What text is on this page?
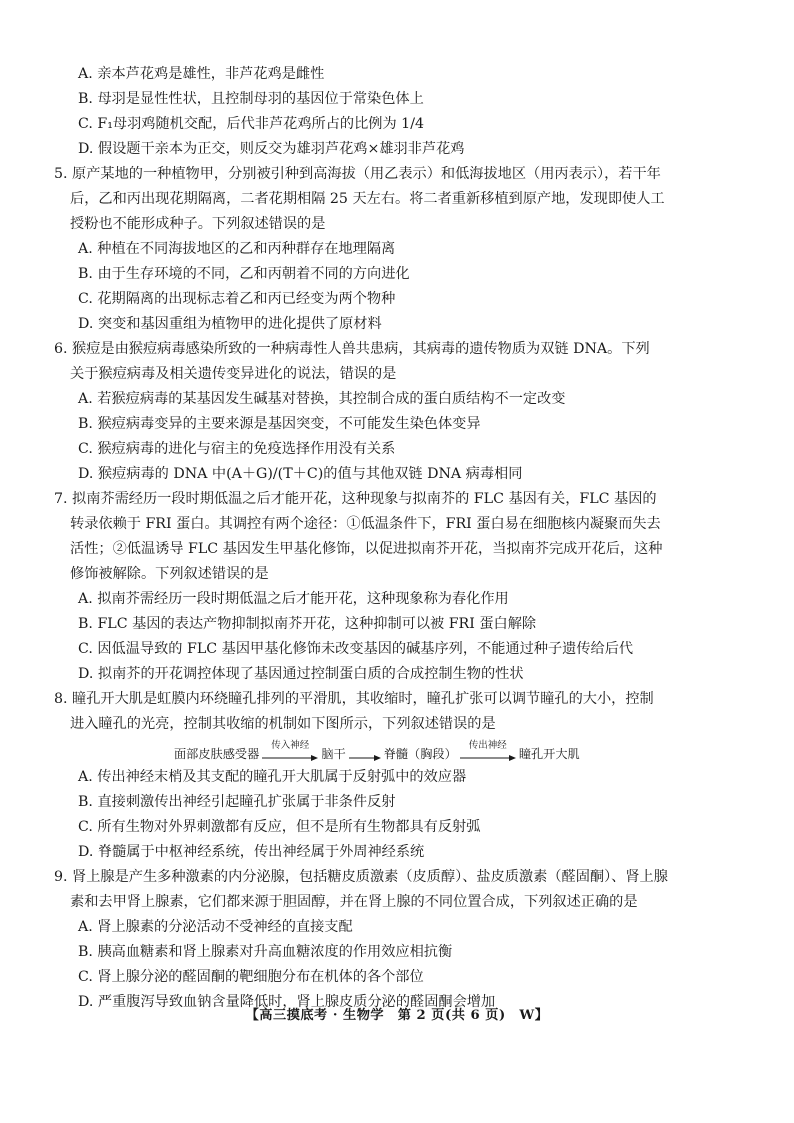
A. 亲本芦花鸡是雄性，非芦花鸡是雌性
B. 母羽是显性性状，且控制母羽的基因位于常染色体上
C. F₁母羽鸡随机交配，后代非芦花鸡所占的比例为 1/4
D. 假设题干亲本为正交，则反交为雄羽芦花鸡×雄羽非芦花鸡
5. 原产某地的一种植物甲，分别被引种到高海拔（用乙表示）和低海拔地区（用丙表示），若干年
后，乙和丙出现花期隔离，二者花期相隔 25 天左右。将二者重新移植到原产地，发现即使人工
授粉也不能形成种子。下列叙述错误的是
A. 种植在不同海拔地区的乙和丙种群存在地理隔离
B. 由于生存环境的不同，乙和丙朝着不同的方向进化
C. 花期隔离的出现标志着乙和丙已经变为两个物种
D. 突变和基因重组为植物甲的进化提供了原材料
6. 猴痘是由猴痘病毒感染所致的一种病毒性人兽共患病，其病毒的遗传物质为双链 DNA。下列
关于猴痘病毒及相关遗传变异进化的说法，错误的是
A. 若猴痘病毒的某基因发生碱基对替换，其控制合成的蛋白质结构不一定改变
B. 猴痘病毒变异的主要来源是基因突变，不可能发生染色体变异
C. 猴痘病毒的进化与宿主的免疫选择作用没有关系
D. 猴痘病毒的 DNA 中(A＋G)/(T＋C)的值与其他双链 DNA 病毒相同
7. 拟南芥需经历一段时期低温之后才能开花，这种现象与拟南芥的 FLC 基因有关，FLC 基因的
转录依赖于 FRI 蛋白。其调控有两个途径：①低温条件下，FRI 蛋白易在细胞核内凝聚而失去
活性；②低温诱导 FLC 基因发生甲基化修饰，以促进拟南芥开花，当拟南芥完成开花后，这种
修饰被解除。下列叙述错误的是
A. 拟南芥需经历一段时期低温之后才能开花，这种现象称为春化作用
B. FLC 基因的表达产物抑制拟南芥开花，这种抑制可以被 FRI 蛋白解除
C. 因低温导致的 FLC 基因甲基化修饰未改变基因的碱基序列，不能通过种子遗传给后代
D. 拟南芥的开花调控体现了基因通过控制蛋白质的合成控制生物的性状
8. 瞳孔开大肌是虹膜内环绕瞳孔排列的平滑肌，其收缩时，瞳孔扩张可以调节瞳孔的大小，控制
进入瞳孔的光亮，控制其收缩的机制如下图所示，下列叙述错误的是
面部皮肤感受器
传入神经
脑干	脊髓（胸段）
传出神经
瞳孔开大肌
A. 传出神经末梢及其支配的瞳孔开大肌属于反射弧中的效应器
B. 直接刺激传出神经引起瞳孔扩张属于非条件反射
C. 所有生物对外界刺激都有反应，但不是所有生物都具有反射弧
D. 脊髓属于中枢神经系统，传出神经属于外周神经系统
9. 肾上腺是产生多种激素的内分泌腺，包括糖皮质激素（皮质醇）、盐皮质激素（醛固酮）、肾上腺
素和去甲肾上腺素，它们都来源于胆固醇，并在肾上腺的不同位置合成，下列叙述正确的是
A. 肾上腺素的分泌活动不受神经的直接支配
B. 胰高血糖素和肾上腺素对升高血糖浓度的作用效应相抗衡
C. 肾上腺分泌的醛固酮的靶细胞分布在机体的各个部位
D. 严重腹泻导致血钠含量降低时，肾上腺皮质分泌的醛固酮会增加
【高三摸底考 · 生物学　第 2 页(共 6 页)　W】
